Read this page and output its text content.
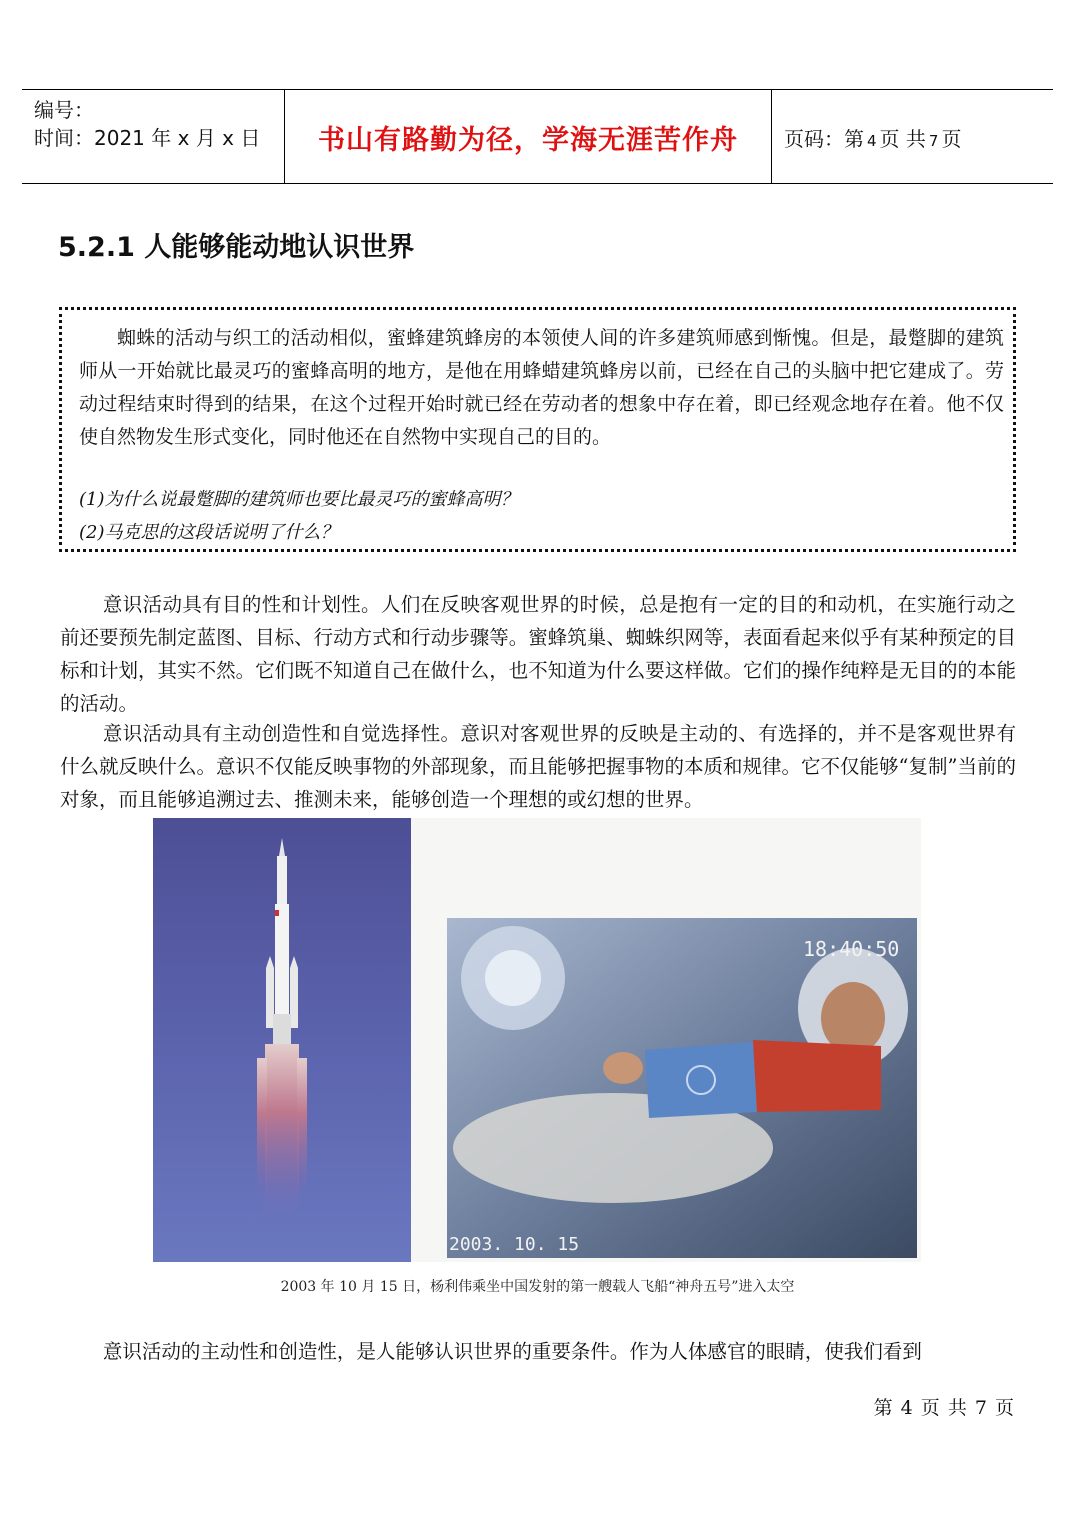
编号：
时间：2021 年 x 月 x 日	书山有路勤为径，学海无涯苦作舟	页码：第 4 页 共 7 页
5.2.1 人能够能动地认识世界

蜘蛛的活动与织工的活动相似，蜜蜂建筑蜂房的本领使人间的许多建筑师感到惭愧。但是，最蹩脚的建筑师从一开始就比最灵巧的蜜蜂高明的地方，是他在用蜂蜡建筑蜂房以前，已经在自己的头脑中把它建成了。劳动过程结束时得到的结果，在这个过程开始时就已经在劳动者的想象中存在着，即已经观念地存在着。他不仅使自然物发生形式变化，同时他还在自然物中实现自己的目的。

(1)为什么说最蹩脚的建筑师也要比最灵巧的蜜蜂高明？

(2)马克思的这段话说明了什么？

意识活动具有目的性和计划性。人们在反映客观世界的时候，总是抱有一定的目的和动机，在实施行动之前还要预先制定蓝图、目标、行动方式和行动步骤等。蜜蜂筑巢、蜘蛛织网等，表面看起来似乎有某种预定的目标和计划，其实不然。它们既不知道自己在做什么，也不知道为什么要这样做。它们的操作纯粹是无目的的本能的活动。

意识活动具有主动创造性和自觉选择性。意识对客观世界的反映是主动的、有选择的，并不是客观世界有什么就反映什么。意识不仅能反映事物的外部现象，而且能够把握事物的本质和规律。它不仅能够“复制”当前的对象，而且能够追溯过去、推测未来，能够创造一个理想的或幻想的世界。

18:40:50
2003. 10. 15
2003 年 10 月 15 日，杨利伟乘坐中国发射的第一艘载人飞船“神舟五号”进入太空

意识活动的主动性和创造性，是人能够认识世界的重要条件。作为人体感官的眼睛，使我们看到

第 4 页 共 7 页
